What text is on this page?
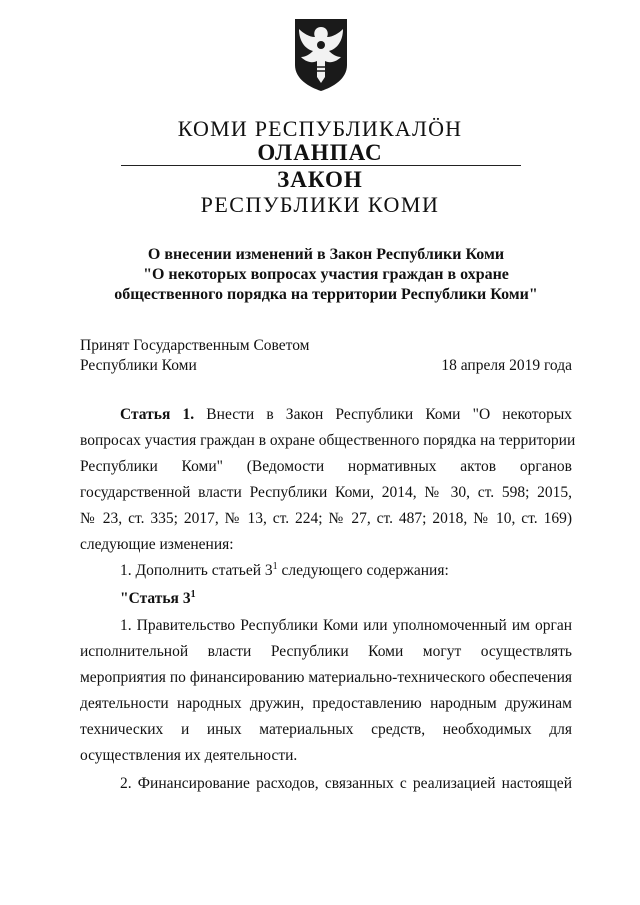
КОМИ РЕСПУБЛИКАЛÖН
ОЛАНПАС
ЗАКОН
РЕСПУБЛИКИ КОМИ
О внесении изменений в Закон Республики Коми
"О некоторых вопросах участия граждан в охране
общественного порядка на территории Республики Коми"
Принят Государственным Советом
Республики Коми	18 апреля 2019 года
Статья 1. Внести в Закон Республики Коми "О некоторых
вопросах участия граждан в охране общественного порядка на территории
Республики Коми" (Ведомости нормативных актов органов
государственной власти Республики Коми, 2014, № 30, ст. 598; 2015,
№ 23, ст. 335; 2017, № 13, ст. 224; № 27, ст. 487; 2018, № 10, ст. 169)
следующие изменения:
1. Дополнить статьей $3^1$ следующего содержания:
"Статья $3^1$
1. Правительство Республики Коми или уполномоченный им орган
исполнительной власти Республики Коми могут осуществлять
мероприятия по финансированию материально-технического обеспечения
деятельности народных дружин, предоставлению народным дружинам
технических и иных материальных средств, необходимых для
осуществления их деятельности.
2. Финансирование расходов, связанных с реализацией настоящей
